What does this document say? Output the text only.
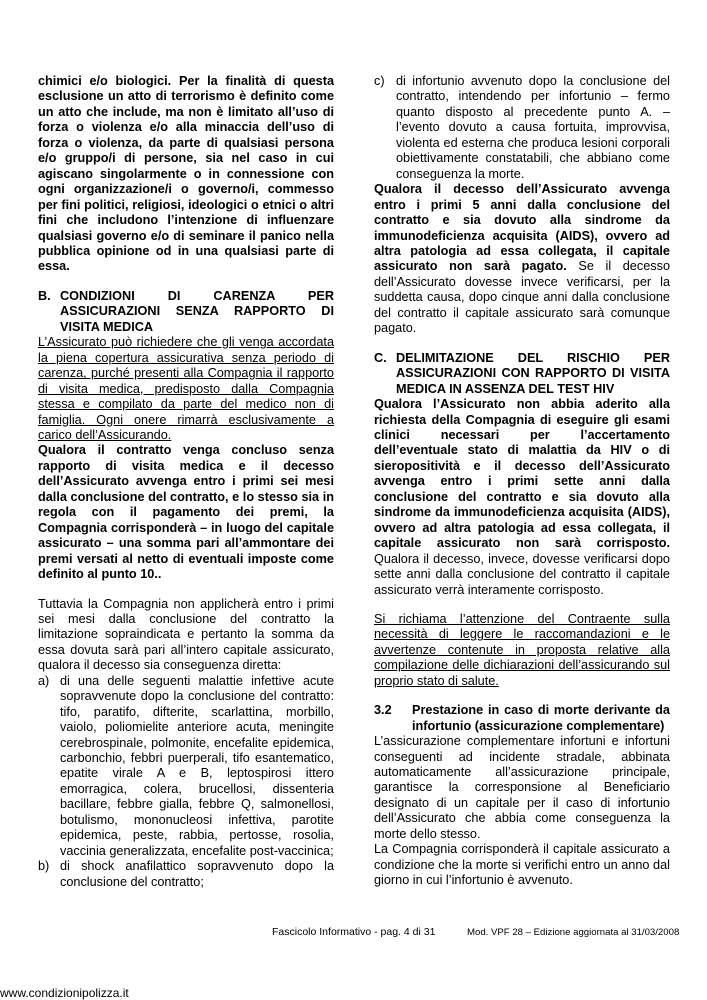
chimici e/o biologici. Per la finalità di questa esclusione un atto di terrorismo è definito come un atto che include, ma non è limitato all’uso di forza o violenza e/o alla minaccia dell’uso di forza o violenza, da parte di qualsiasi persona e/o gruppo/i di persone, sia nel caso in cui agiscano singolarmente o in connessione con ogni organizzazione/i o governo/i, commesso per fini politici, religiosi, ideologici o etnici o altri fini che includono l’intenzione di influenzare qualsiasi governo e/o di seminare il panico nella pubblica opinione od in una qualsiasi parte di essa.

B. CONDIZIONI DI CARENZA PER ASSICURAZIONI SENZA RAPPORTO DI VISITA MEDICA

L’Assicurato può richiedere che gli venga accordata la piena copertura assicurativa senza periodo di carenza, purché presenti alla Compagnia il rapporto di visita medica, predisposto dalla Compagnia stessa e compilato da parte del medico non di famiglia. Ogni onere rimarrà esclusivamente a carico dell’Assicurando.

Qualora il contratto venga concluso senza rapporto di visita medica e il decesso dell’Assicurato avvenga entro i primi sei mesi dalla conclusione del contratto, e lo stesso sia in regola con il pagamento dei premi, la Compagnia corrisponderà – in luogo del capitale assicurato – una somma pari all’ammontare dei premi versati al netto di eventuali imposte come definito al punto 10..

Tuttavia la Compagnia non applicherà entro i primi sei mesi dalla conclusione del contratto la limitazione sopraindicata e pertanto la somma da essa dovuta sarà pari all’intero capitale assicurato, qualora il decesso sia conseguenza diretta:

a) di una delle seguenti malattie infettive acute sopravvenute dopo la conclusione del contratto: tifo, paratifo, difterite, scarlattina, morbillo, vaiolo, poliomielite anteriore acuta, meningite cerebrospinale, polmonite, encefalite epidemica, carbonchio, febbri puerperali, tifo esantematico, epatite virale A e B, leptospirosi ittero emorragica, colera, brucellosi, dissenteria bacillare, febbre gialla, febbre Q, salmonellosi, botulismo, mononucleosi infettiva, parotite epidemica, peste, rabbia, pertosse, rosolia, vaccinia generalizzata, encefalite post-vaccinica;
b) di shock anafilattico sopravvenuto dopo la conclusione del contratto;
c) di infortunio avvenuto dopo la conclusione del contratto, intendendo per infortunio – fermo quanto disposto al precedente punto A. – l’evento dovuto a causa fortuita, improvvisa, violenta ed esterna che produca lesioni corporali obiettivamente constatabili, che abbiano come conseguenza la morte.

Qualora il decesso dell’Assicurato avvenga entro i primi 5 anni dalla conclusione del contratto e sia dovuto alla sindrome da immunodeficienza acquisita (AIDS), ovvero ad altra patologia ad essa collegata, il capitale assicurato non sarà pagato. Se il decesso dell’Assicurato dovesse invece verificarsi, per la suddetta causa, dopo cinque anni dalla conclusione del contratto il capitale assicurato sarà comunque pagato.

C. DELIMITAZIONE DEL RISCHIO PER ASSICURAZIONI CON RAPPORTO DI VISITA MEDICA IN ASSENZA DEL TEST HIV

Qualora l’Assicurato non abbia aderito alla richiesta della Compagnia di eseguire gli esami clinici necessari per l’accertamento dell’eventuale stato di malattia da HIV o di sieropositività e il decesso dell’Assicurato avvenga entro i primi sette anni dalla conclusione del contratto e sia dovuto alla sindrome da immunodeficienza acquisita (AIDS), ovvero ad altra patologia ad essa collegata, il capitale assicurato non sarà corrisposto. Qualora il decesso, invece, dovesse verificarsi dopo sette anni dalla conclusione del contratto il capitale assicurato verrà interamente corrisposto.

Si richiama l’attenzione del Contraente sulla necessità di leggere le raccomandazioni e le avvertenze contenute in proposta relative alla compilazione delle dichiarazioni dell’assicurando sul proprio stato di salute.

3.2	Prestazione in caso di morte derivante da infortunio (assicurazione complementare)

L’assicurazione complementare infortuni e infortuni conseguenti ad incidente stradale, abbinata automaticamente all’assicurazione principale, garantisce la corresponsione al Beneficiario designato di un capitale per il caso di infortunio dell’Assicurato che abbia come conseguenza la morte dello stesso.

La Compagnia corrisponderà il capitale assicurato a condizione che la morte si verifichi entro un anno dal giorno in cui l’infortunio è avvenuto.

Fascicolo Informativo - pag. 4 di 31	Mod. VPF 28 – Edizione aggiornata al 31/03/2008
www.condizionipolizza.it
